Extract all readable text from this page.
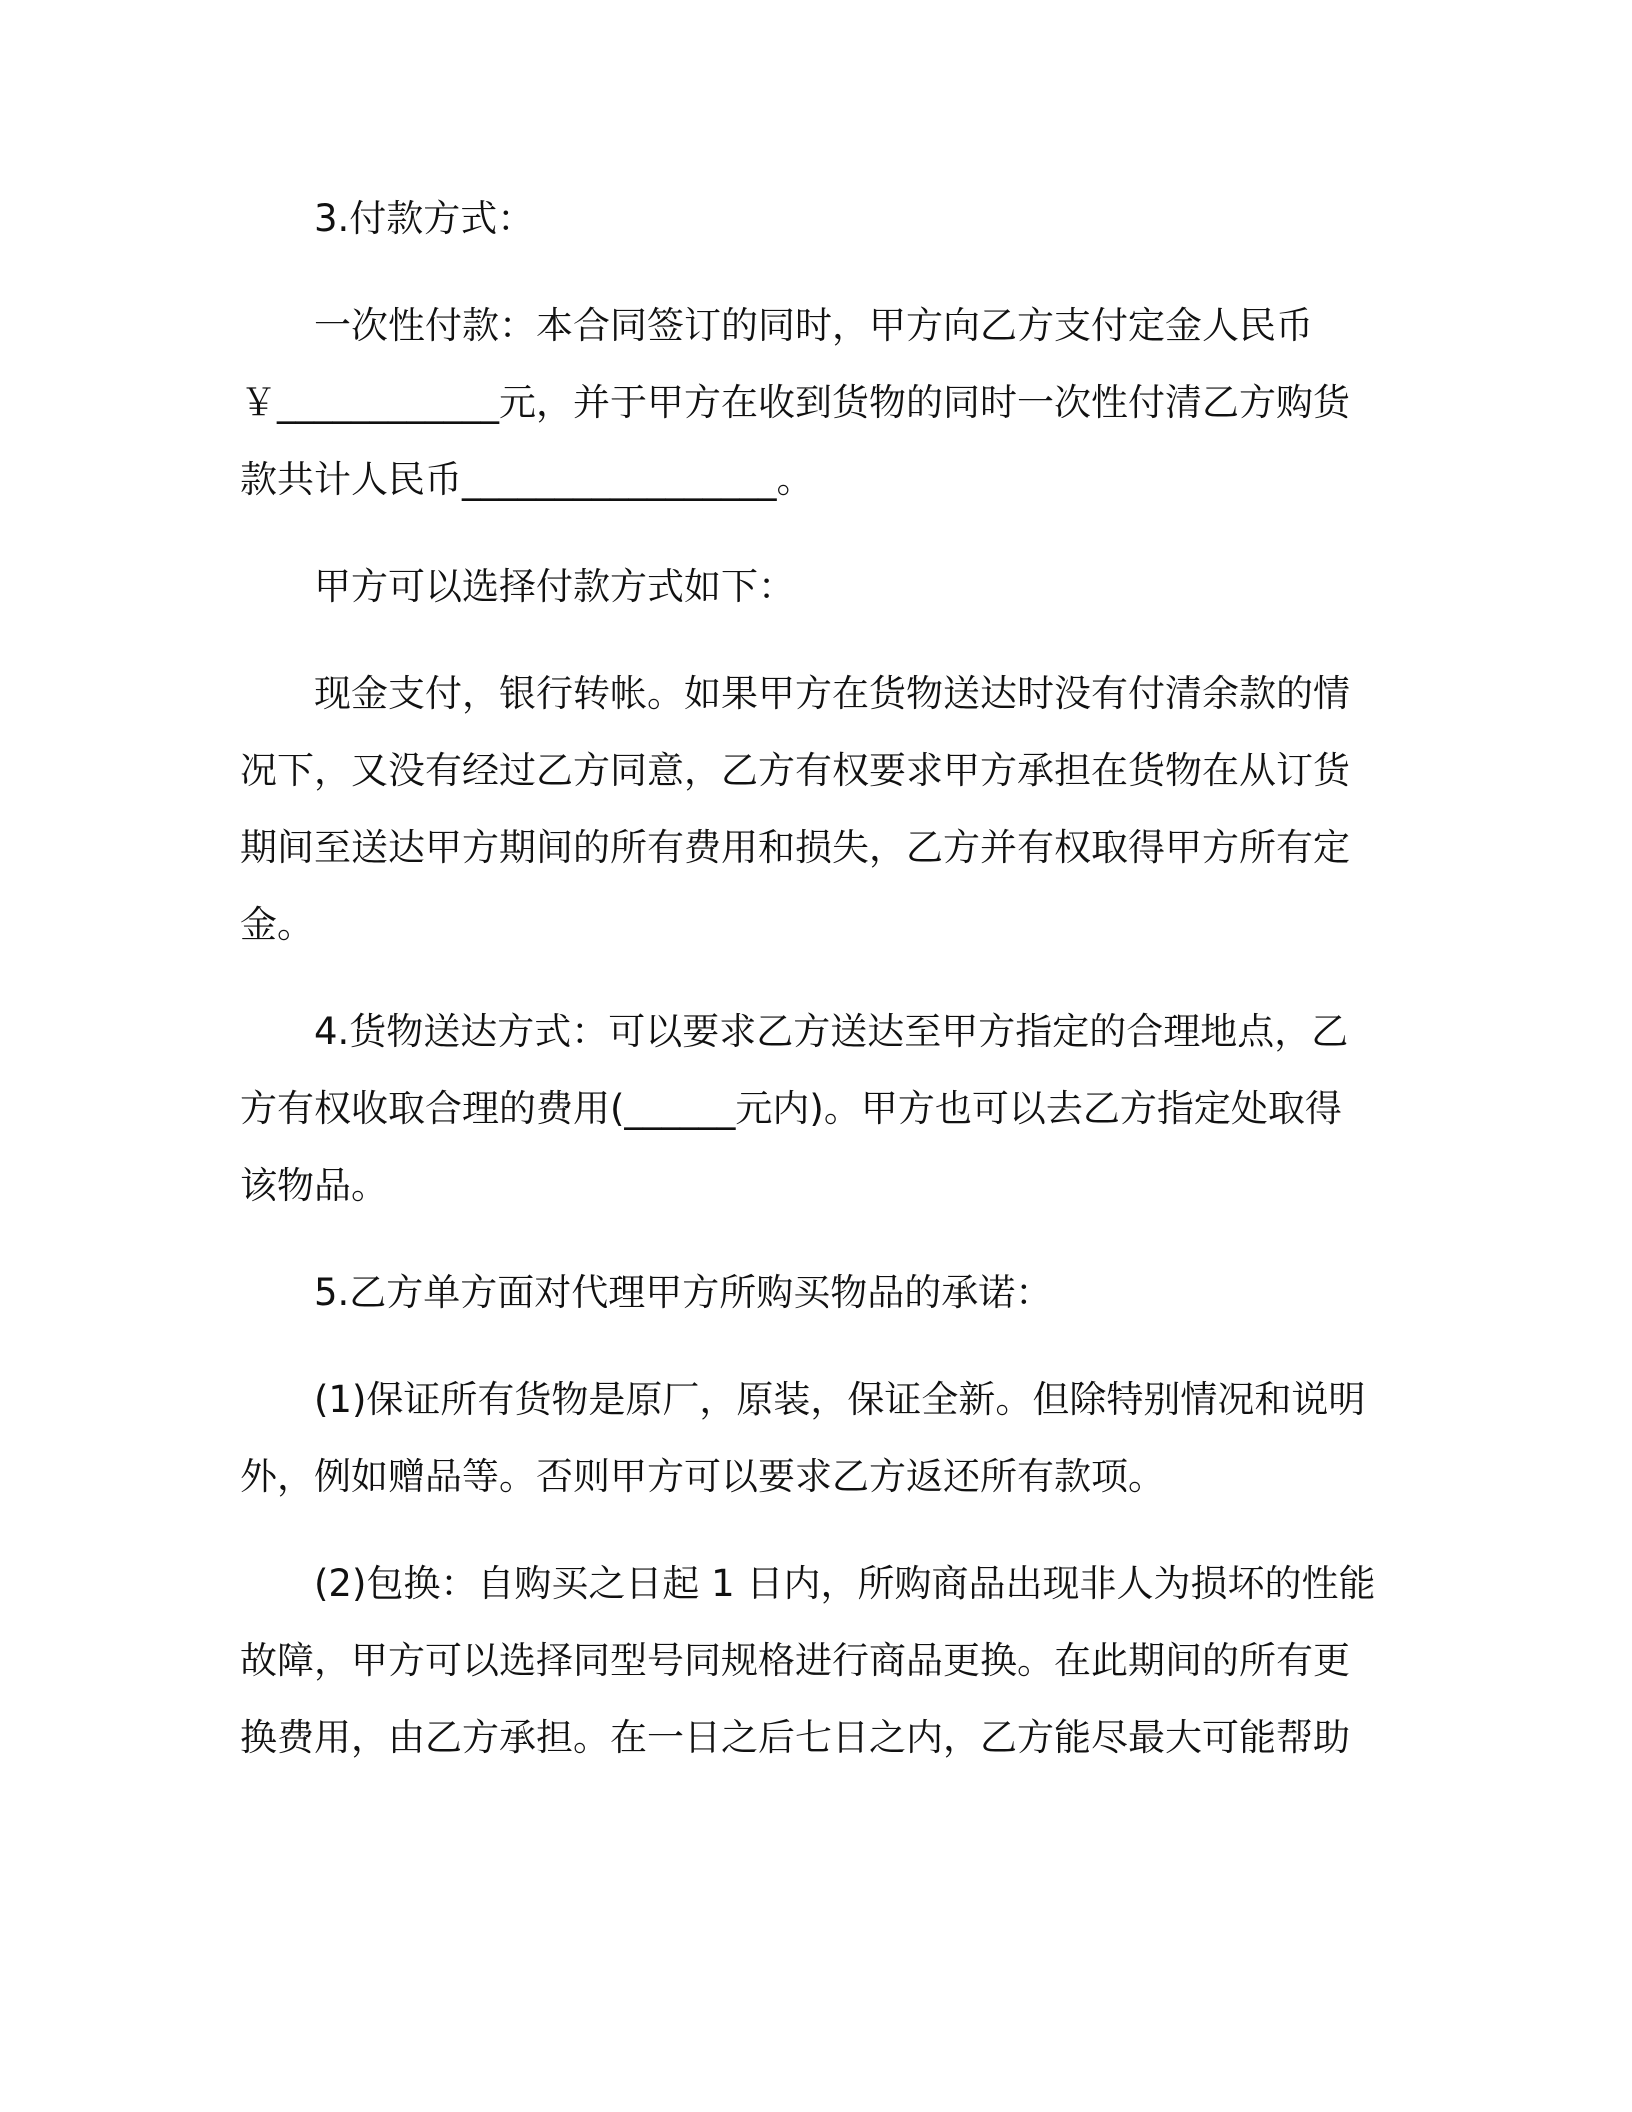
3.付款方式：
一次性付款：本合同签订的同时，甲方向乙方支付定金人民币
￥____________元，并于甲方在收到货物的同时一次性付清乙方购货
款共计人民币_________________。
甲方可以选择付款方式如下：
现金支付，银行转帐。如果甲方在货物送达时没有付清余款的情
况下，又没有经过乙方同意，乙方有权要求甲方承担在货物在从订货
期间至送达甲方期间的所有费用和损失，乙方并有权取得甲方所有定
金。
4.货物送达方式：可以要求乙方送达至甲方指定的合理地点，乙
方有权收取合理的费用(______元内)。甲方也可以去乙方指定处取得
该物品。
5.乙方单方面对代理甲方所购买物品的承诺：
(1)保证所有货物是原厂，原装，保证全新。但除特别情况和说明
外，例如赠品等。否则甲方可以要求乙方返还所有款项。
(2)包换：自购买之日起 1 日内，所购商品出现非人为损坏的性能
故障，甲方可以选择同型号同规格进行商品更换。在此期间的所有更
换费用，由乙方承担。在一日之后七日之内，乙方能尽最大可能帮助
